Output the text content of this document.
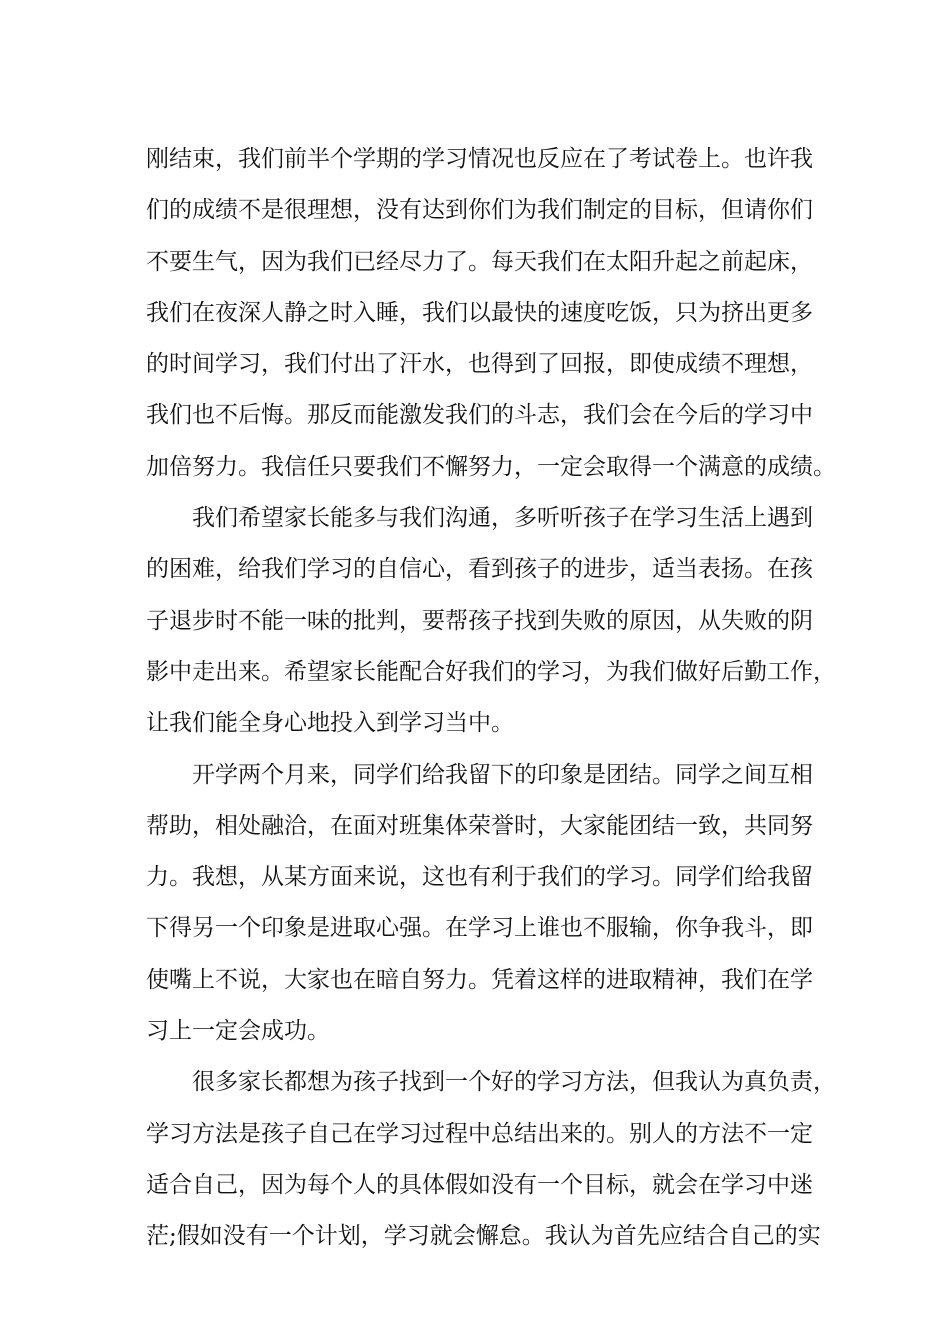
刚结束，我们前半个学期的学习情况也反应在了考试卷上。也许我
们的成绩不是很理想，没有达到你们为我们制定的目标，但请你们
不要生气，因为我们已经尽力了。每天我们在太阳升起之前起床，
我们在夜深人静之时入睡，我们以最快的速度吃饭，只为挤出更多
的时间学习，我们付出了汗水，也得到了回报，即使成绩不理想，
我们也不后悔。那反而能激发我们的斗志，我们会在今后的学习中
加倍努力。我信任只要我们不懈努力，一定会取得一个满意的成绩。
我们希望家长能多与我们沟通，多听听孩子在学习生活上遇到
的困难，给我们学习的自信心，看到孩子的进步，适当表扬。在孩
子退步时不能一味的批判，要帮孩子找到失败的原因，从失败的阴
影中走出来。希望家长能配合好我们的学习，为我们做好后勤工作，
让我们能全身心地投入到学习当中。
开学两个月来，同学们给我留下的印象是团结。同学之间互相
帮助，相处融洽，在面对班集体荣誉时，大家能团结一致，共同努
力。我想，从某方面来说，这也有利于我们的学习。同学们给我留
下得另一个印象是进取心强。在学习上谁也不服输，你争我斗，即
使嘴上不说，大家也在暗自努力。凭着这样的进取精神，我们在学
习上一定会成功。
很多家长都想为孩子找到一个好的学习方法，但我认为真负责，
学习方法是孩子自己在学习过程中总结出来的。别人的方法不一定
适合自己，因为每个人的具体假如没有一个目标，就会在学习中迷
茫;假如没有一个计划，学习就会懈怠。我认为首先应结合自己的实
